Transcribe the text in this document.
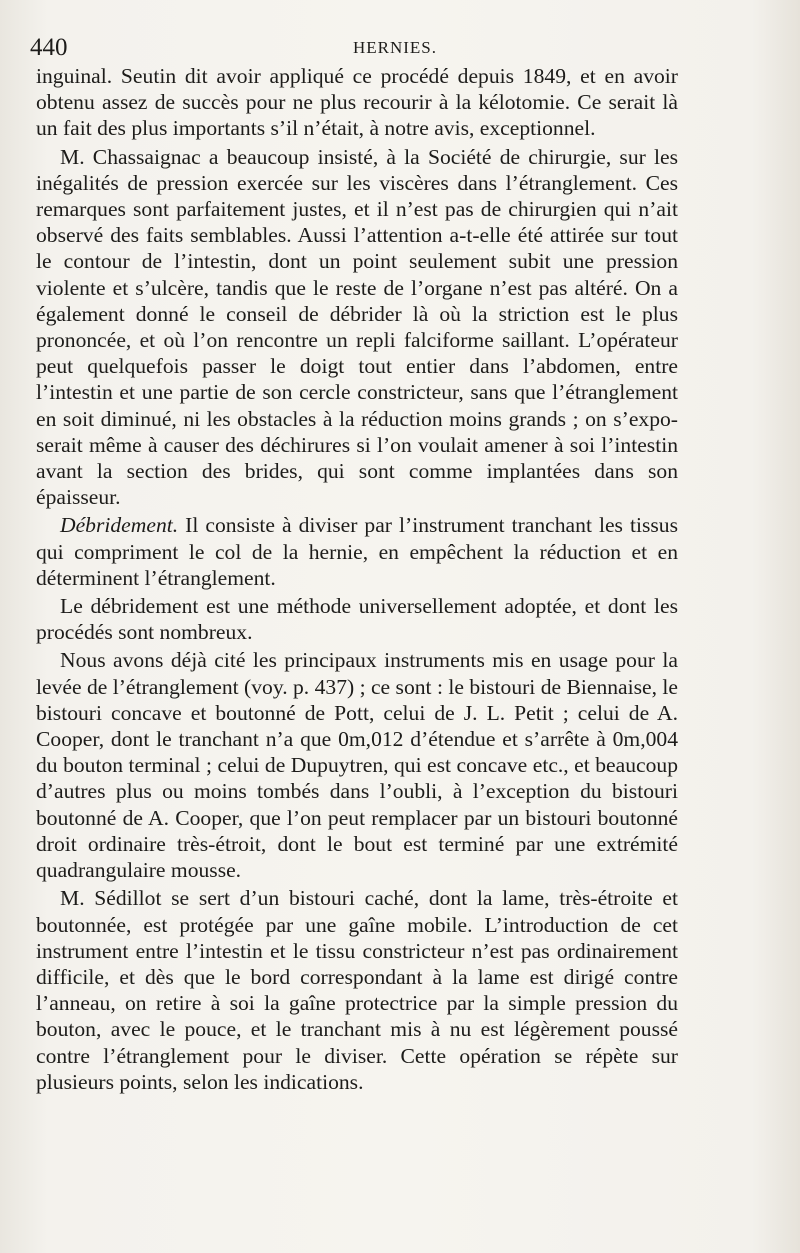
440	HERNIES.

inguinal. Seutin dit avoir appliqué ce procédé depuis 1849, et en avoir obtenu assez de succès pour ne plus recourir à la kélotomie. Ce serait là un fait des plus importants s’il n’était, à notre avis, exceptionnel.

M. Chassaignac a beaucoup insisté, à la Société de chirurgie, sur les inégalités de pression exercée sur les viscères dans l’étranglement. Ces remarques sont parfaitement justes, et il n’est pas de chirurgien qui n’ait observé des faits semblables. Aussi l’attention a-t-elle été attirée sur tout le contour de l’intestin, dont un point seulement subit une pression violente et s’ulcère, tandis que le reste de l’organe n’est pas altéré. On a également donné le conseil de débrider là où la striction est le plus prononcée, et où l’on rencontre un repli falciforme saillant. L’opérateur peut quelquefois passer le doigt tout entier dans l’abdomen, entre l’intestin et une partie de son cercle constricteur, sans que l’étranglement en soit diminué, ni les obstacles à la réduction moins grands ; on s’exposerait même à causer des déchirures si l’on voulait amener à soi l’intestin avant la section des brides, qui sont comme implantées dans son épaisseur.

Débridement. Il consiste à diviser par l’instrument tranchant les tissus qui compriment le col de la hernie, en empêchent la réduction et en déterminent l’étranglement.

Le débridement est une méthode universellement adoptée, et dont les procédés sont nombreux.

Nous avons déjà cité les principaux instruments mis en usage pour la levée de l’étranglement (voy. p. 437) ; ce sont : le bistouri de Biennaise, le bistouri concave et boutonné de Pott, celui de J. L. Petit ; celui de A. Cooper, dont le tranchant n’a que 0m,012 d’étendue et s’arrête à 0m,004 du bouton terminal ; celui de Dupuytren, qui est concave etc., et beaucoup d’autres plus ou moins tombés dans l’oubli, à l’exception du bistouri boutonné de A. Cooper, que l’on peut remplacer par un bistouri boutonné droit ordinaire très-étroit, dont le bout est terminé par une extrémité quadrangulaire mousse.

M. Sédillot se sert d’un bistouri caché, dont la lame, très-étroite et boutonnée, est protégée par une gaîne mobile. L’introduction de cet instrument entre l’intestin et le tissu constricteur n’est pas ordinairement difficile, et dès que le bord correspondant à la lame est dirigé contre l’anneau, on retire à soi la gaîne protectrice par la simple pression du bouton, avec le pouce, et le tranchant mis à nu est légèrement poussé contre l’étranglement pour le diviser. Cette opération se répète sur plusieurs points, selon les indications.
